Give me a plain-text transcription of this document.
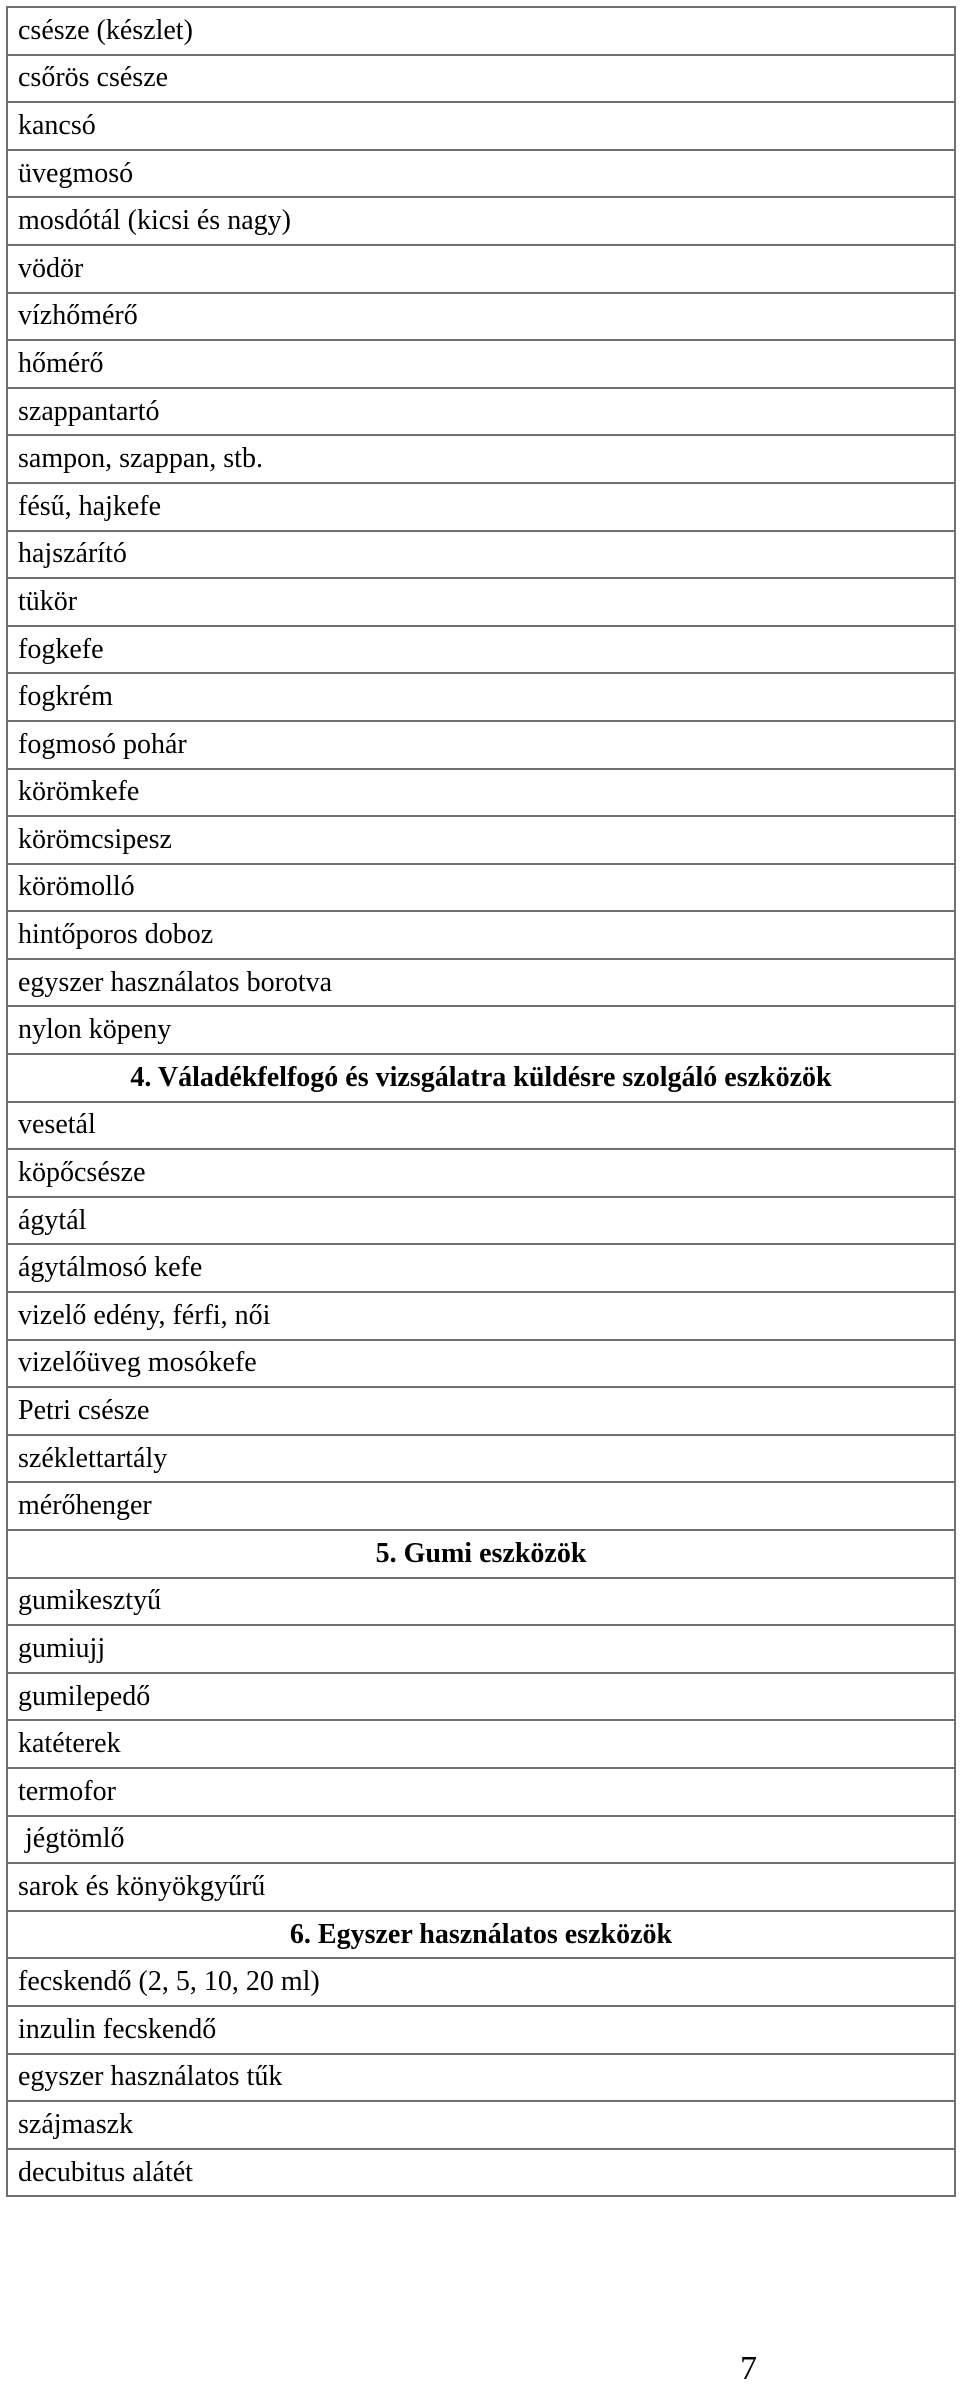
csésze (készlet)
csőrös csésze
kancsó
üvegmosó
mosdótál (kicsi és nagy)
vödör
vízhőmérő
hőmérő
szappantartó
sampon, szappan, stb.
fésű, hajkefe
hajszárító
tükör
fogkefe
fogkrém
fogmosó pohár
körömkefe
körömcsipesz
körömolló
hintőporos doboz
egyszer használatos borotva
nylon köpeny
4. Váladékfelfogó és vizsgálatra küldésre szolgáló eszközök
vesetál
köpőcsésze
ágytál
ágytálmosó kefe
vizelő edény, férfi, női
vizelőüveg mosókefe
Petri csésze
széklettartály
mérőhenger
5. Gumi eszközök
gumikesztyű
gumiujj
gumilepedő
katéterek
termofor
jégtömlő
sarok és könyökgyűrű
6. Egyszer használatos eszközök
fecskendő (2, 5, 10, 20 ml)
inzulin fecskendő
egyszer használatos tűk
szájmaszk
decubitus alátét
7
